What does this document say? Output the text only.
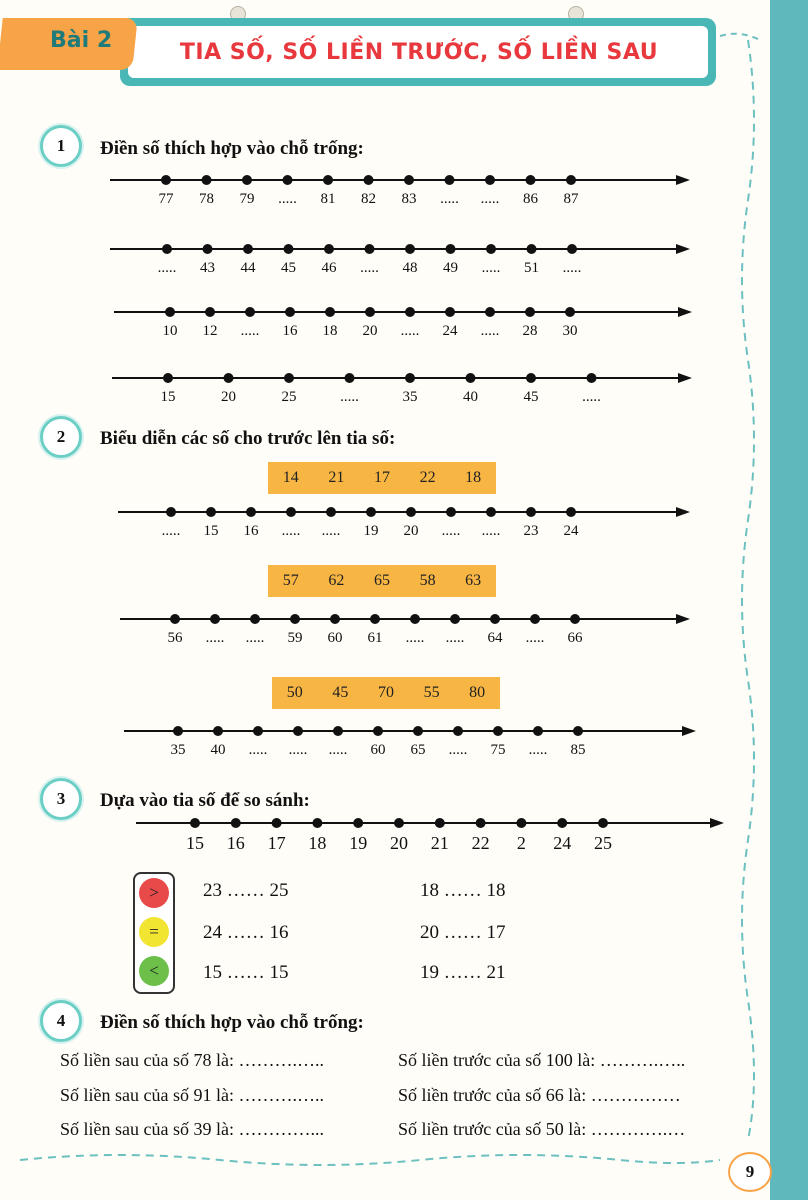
TIA SỐ, SỐ LIỀN TRƯỚC, SỐ LIỀN SAU
Bài 2
1	Điền số thích hợp vào chỗ trống:
2	Biểu diễn các số cho trước lên tia số:
3	Dựa vào tia số để so sánh:
4	Điền số thích hợp vào chỗ trống:
14 21 17 22 18
57 62 65 58 63
50 45 70 55 80
77 78 79 ..... 81 82 83 ..... ..... 86 87
..... 43 44 45 46 ..... 48 49 ..... 51 .....
10 12 ..... 16 18 20 ..... 24 ..... 28 30
15	20	25	.....	35	40	45	.....
..... 15 16 ..... ..... 19 20 ..... ..... 23 24
56 ..... ..... 59 60 61 ..... ..... 64 ..... 66
35 40 ..... ..... ..... 60 65 ..... 75 ..... 85
15 16 17 18 19 20 21 22 2 24 25
>
=
<
23 …… 25	18 …… 18
24 …… 16	20 …… 17
15 …… 15	19 …… 21
Số liền sau của số 78 là: ……….…..	Số liền trước của số 100 là: ……….…..
Số liền sau của số 91 là: ……….…..	Số liền trước của số 66 là: ……………
Số liền sau của số 39 là: …………...	Số liền trước của số 50 là: ………….…
9
